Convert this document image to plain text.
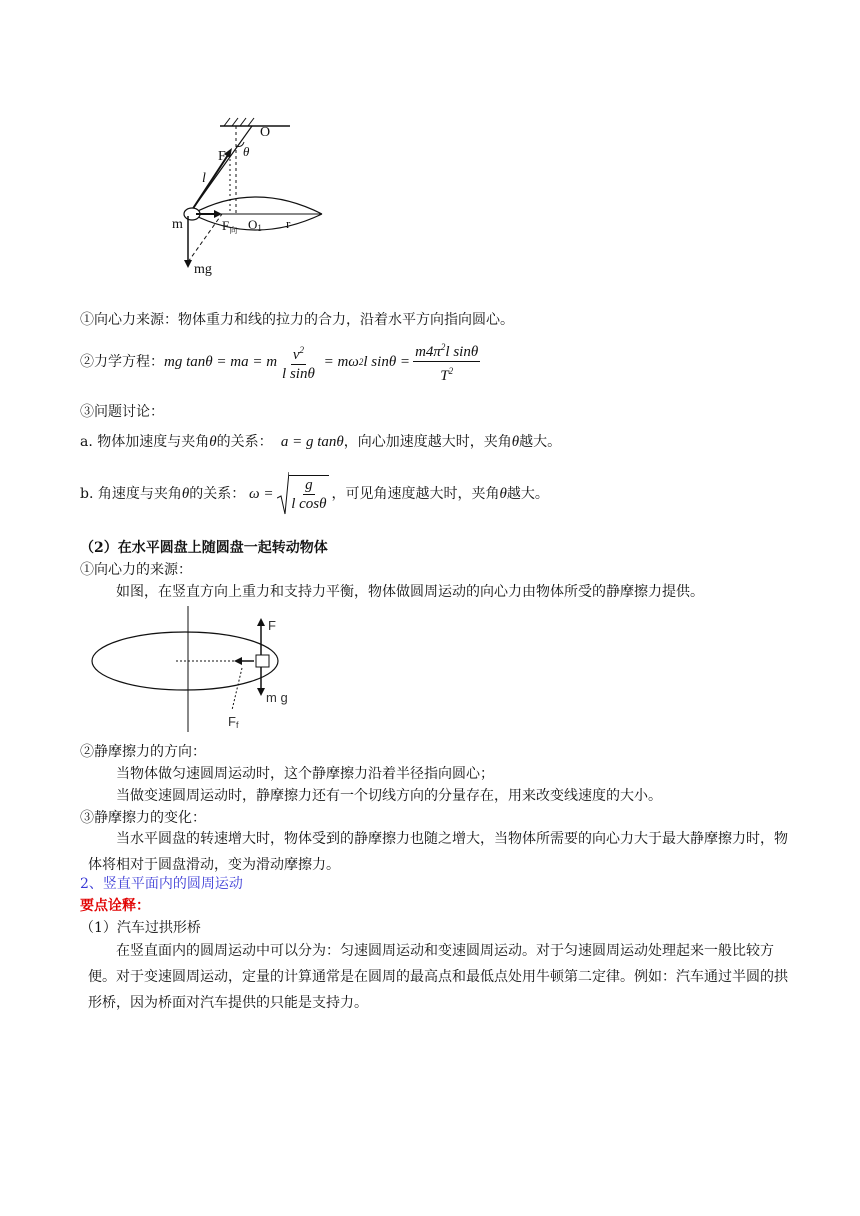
O
θ
F
l
m	$F_向$ O1 r
mg
①向心力来源：物体重力和线的拉力的合力，沿着水平方向指向圆心。
②力学方程： mg tan θ = ma = m $\frac{v^2}{\text{l sinθ}} = m\omega$ 2 l $\sin\theta = \frac{m4\pi^2l \sin\theta}{T^2}$
③问题讨论：
a. 物体加速度与夹角θ的关系：  a = g tanθ，向心加速度越大时，夹角θ越大。
b. 角速度与夹角 θ 的关系： $\omega = \frac{g}{\text{l cosθ}}$ ，可见角速度越大时，夹角 θ 越大。
（2）在水平圆盘上随圆盘一起转动物体
①向心力的来源：
如图，在竖直方向上重力和支持力平衡，物体做圆周运动的向心力由物体所受的静摩擦力提供。
F
m g
Ff
②静摩擦力的方向：
当物体做匀速圆周运动时，这个静摩擦力沿着半径指向圆心；
当做变速圆周运动时，静摩擦力还有一个切线方向的分量存在，用来改变线速度的大小。
③静摩擦力的变化：
当水平圆盘的转速增大时，物体受到的静摩擦力也随之增大，当物体所需要的向心力大于最大静摩擦力时，物体将相对于圆盘滑动，变为滑动摩擦力。
2、竖直平面内的圆周运动
要点诠释：
（1）汽车过拱形桥
在竖直面内的圆周运动中可以分为：匀速圆周运动和变速圆周运动。对于匀速圆周运动处理起来一般比较方便。对于变速圆周运动，定量的计算通常是在圆周的最高点和最低点处用牛顿第二定律。例如：汽车通过半圆的拱形桥，因为桥面对汽车提供的只能是支持力。
